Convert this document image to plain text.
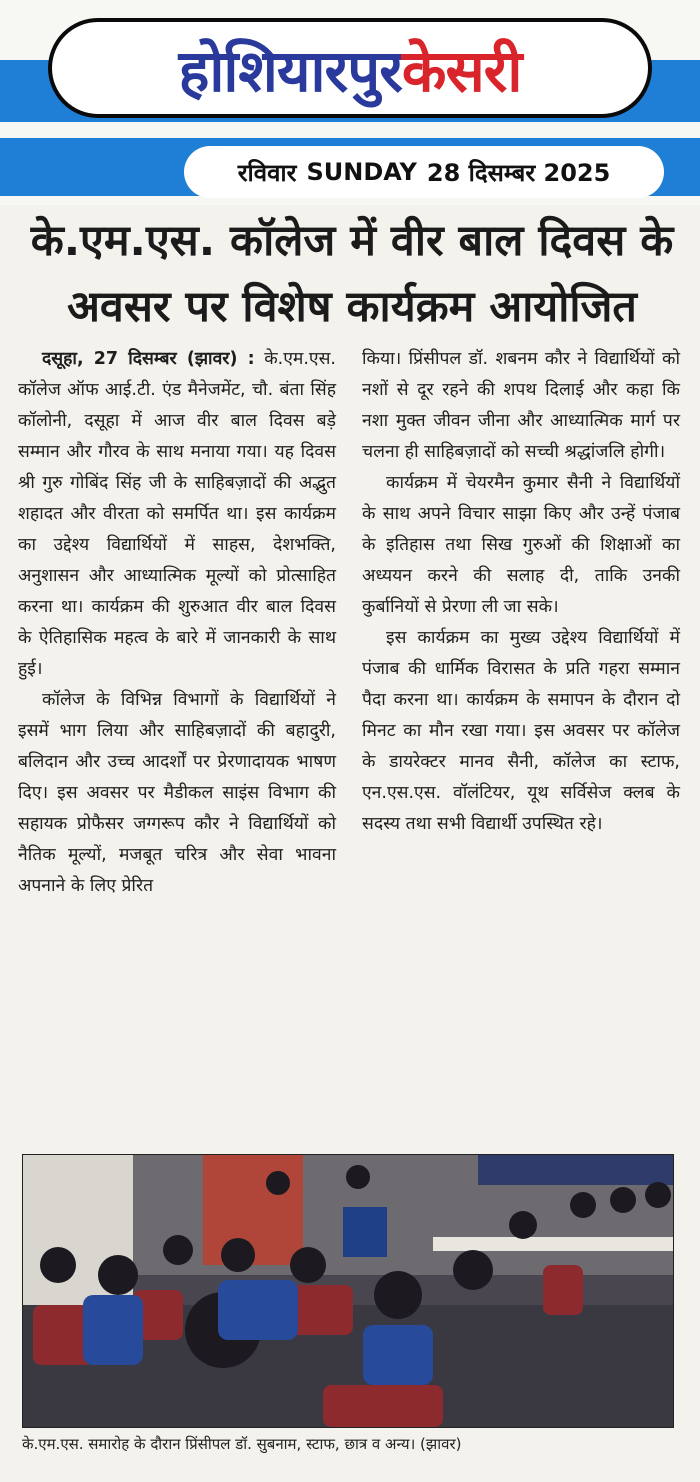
होशियारपुर केसरी
रविवार SUNDAY 28 दिसम्बर 2025
के.एम.एस. कॉलेज में वीर बाल दिवस के अवसर पर विशेष कार्यक्रम आयोजित

दसूहा, 27 दिसम्बर (झावर) : के.एम.एस. कॉलेज ऑफ आई.टी. एंड मैनेजमेंट, चौ. बंता सिंह कॉलोनी, दसूहा में आज वीर बाल दिवस बड़े सम्मान और गौरव के साथ मनाया गया। यह दिवस श्री गुरु गोबिंद सिंह जी के साहिबज़ादों की अद्भुत शहादत और वीरता को समर्पित था। इस कार्यक्रम का उद्देश्य विद्यार्थियों में साहस, देशभक्ति, अनुशासन और आध्यात्मिक मूल्यों को प्रोत्साहित करना था। कार्यक्रम की शुरुआत वीर बाल दिवस के ऐतिहासिक महत्व के बारे में जानकारी के साथ हुई।

कॉलेज के विभिन्न विभागों के विद्यार्थियों ने इसमें भाग लिया और साहिबज़ादों की बहादुरी, बलिदान और उच्च आदर्शों पर प्रेरणादायक भाषण दिए। इस अवसर पर मैडीकल साइंस विभाग की सहायक प्रोफैसर जग्गरूप कौर ने विद्यार्थियों को नैतिक मूल्यों, मजबूत चरित्र और सेवा भावना अपनाने के लिए प्रेरित

किया। प्रिंसीपल डॉ. शबनम कौर ने विद्यार्थियों को नशों से दूर रहने की शपथ दिलाई और कहा कि नशा मुक्त जीवन जीना और आध्यात्मिक मार्ग पर चलना ही साहिबज़ादों को सच्ची श्रद्धांजलि होगी।

कार्यक्रम में चेयरमैन कुमार सैनी ने विद्यार्थियों के साथ अपने विचार साझा किए और उन्हें पंजाब के इतिहास तथा सिख गुरुओं की शिक्षाओं का अध्ययन करने की सलाह दी, ताकि उनकी कुर्बानियों से प्रेरणा ली जा सके।

इस कार्यक्रम का मुख्य उद्देश्य विद्यार्थियों में पंजाब की धार्मिक विरासत के प्रति गहरा सम्मान पैदा करना था। कार्यक्रम के समापन के दौरान दो मिनट का मौन रखा गया। इस अवसर पर कॉलेज के डायरेक्टर मानव सैनी, कॉलेज का स्टाफ, एन.एस.एस. वॉलंटियर, यूथ सर्विसेज क्लब के सदस्य तथा सभी विद्यार्थी उपस्थित रहे।

के.एम.एस. समारोह के दौरान प्रिंसीपल डॉ. सुबनाम, स्टाफ, छात्र व अन्य। (झावर)
